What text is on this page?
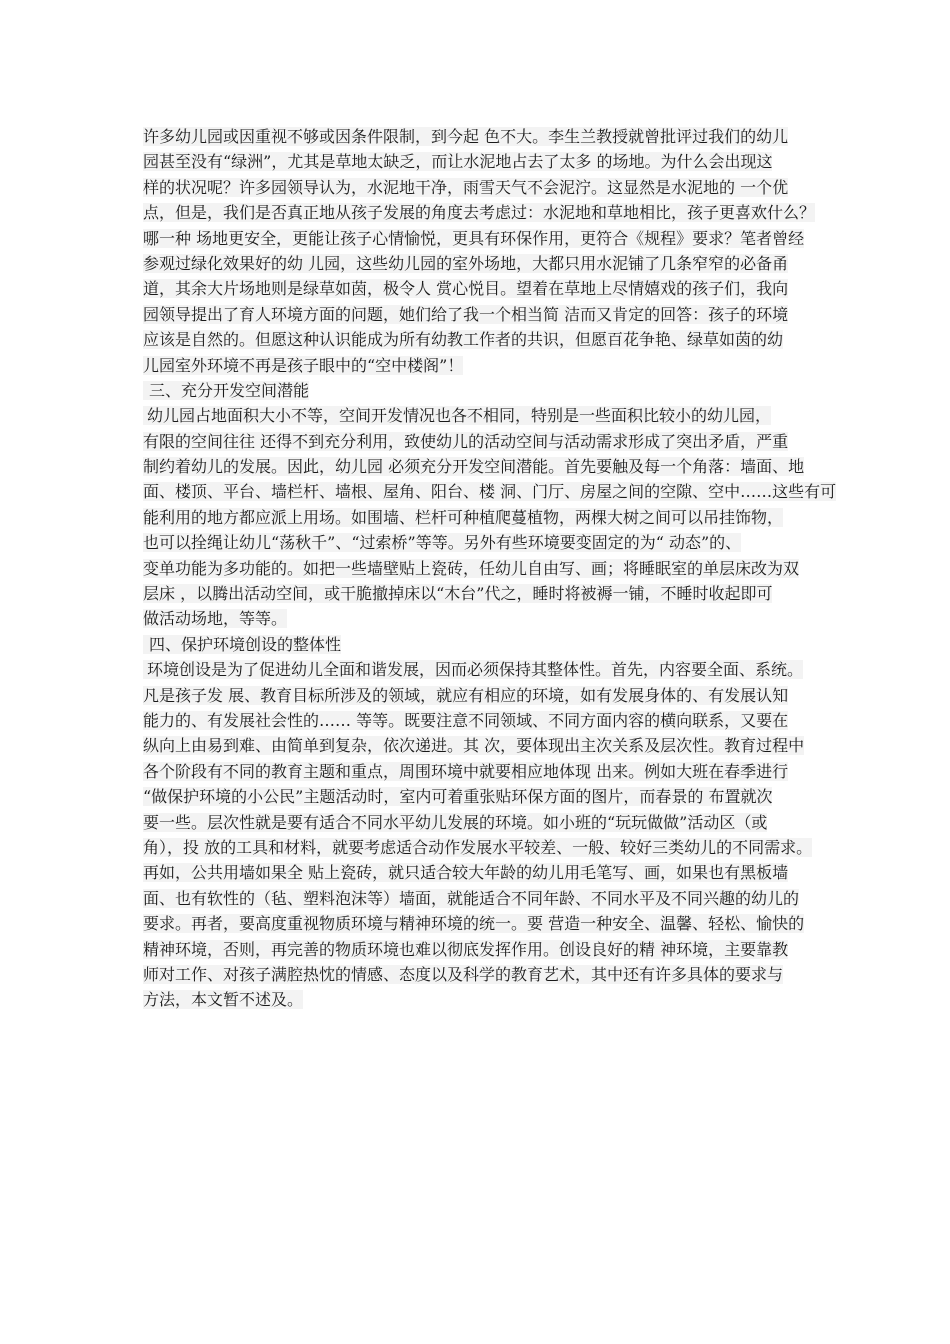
许多幼儿园或因重视不够或因条件限制，到今起 色不大。李生兰教授就曾批评过我们的幼儿
园甚至没有“绿洲”，尤其是草地太缺乏，而让水泥地占去了太多 的场地。为什么会出现这
样的状况呢？许多园领导认为，水泥地干净，雨雪天气不会泥泞。这显然是水泥地的 一个优
点，但是，我们是否真正地从孩子发展的角度去考虑过：水泥地和草地相比，孩子更喜欢什么？
哪一种 场地更安全，更能让孩子心情愉悦，更具有环保作用，更符合《规程》要求？笔者曾经
参观过绿化效果好的幼 儿园，这些幼儿园的室外场地，大都只用水泥铺了几条窄窄的必备甬
道，其余大片场地则是绿草如茵，极令人 赏心悦目。望着在草地上尽情嬉戏的孩子们，我向
园领导提出了育人环境方面的问题，她们给了我一个相当简 洁而又肯定的回答：孩子的环境
应该是自然的。但愿这种认识能成为所有幼教工作者的共识，但愿百花争艳、绿草如茵的幼
儿园室外环境不再是孩子眼中的“空中楼阁”！
三、充分开发空间潜能
幼儿园占地面积大小不等，空间开发情况也各不相同，特别是一些面积比较小的幼儿园，
有限的空间往往 还得不到充分利用，致使幼儿的活动空间与活动需求形成了突出矛盾，严重
制约着幼儿的发展。因此，幼儿园 必须充分开发空间潜能。首先要触及每一个角落：墙面、地
面、楼顶、平台、墙栏杆、墙根、屋角、阳台、楼 洞、门厅、房屋之间的空隙、空中……这些有可
能利用的地方都应派上用场。如围墙、栏杆可种植爬蔓植物，两棵大树之间可以吊挂饰物，
也可以拴绳让幼儿“荡秋千”、“过索桥”等等。另外有些环境要变固定的为“ 动态”的、
变单功能为多功能的。如把一些墙壁贴上瓷砖，任幼儿自由写、画；将睡眠室的单层床改为双
层床 ，以腾出活动空间，或干脆撤掉床以“木台”代之，睡时将被褥一铺，不睡时收起即可
做活动场地，等等。
四、保护环境创设的整体性
环境创设是为了促进幼儿全面和谐发展，因而必须保持其整体性。首先，内容要全面、系统。
凡是孩子发 展、教育目标所涉及的领域，就应有相应的环境，如有发展身体的、有发展认知
能力的、有发展社会性的…… 等等。既要注意不同领域、不同方面内容的横向联系，又要在
纵向上由易到难、由简单到复杂，依次递进。其 次，要体现出主次关系及层次性。教育过程中
各个阶段有不同的教育主题和重点，周围环境中就要相应地体现 出来。例如大班在春季进行
“做保护环境的小公民”主题活动时，室内可着重张贴环保方面的图片，而春景的 布置就次
要一些。层次性就是要有适合不同水平幼儿发展的环境。如小班的“玩玩做做”活动区（或
角），投 放的工具和材料，就要考虑适合动作发展水平较差、一般、较好三类幼儿的不同需求。
再如，公共用墙如果全 贴上瓷砖，就只适合较大年龄的幼儿用毛笔写、画，如果也有黑板墙
面、也有软性的（毡、塑料泡沫等）墙面，就能适合不同年龄、不同水平及不同兴趣的幼儿的
要求。再者，要高度重视物质环境与精神环境的统一。要 营造一种安全、温馨、轻松、愉快的
精神环境，否则，再完善的物质环境也难以彻底发挥作用。创设良好的精 神环境，主要靠教
师对工作、对孩子满腔热忱的情感、态度以及科学的教育艺术，其中还有许多具体的要求与
方法，本文暂不述及。
